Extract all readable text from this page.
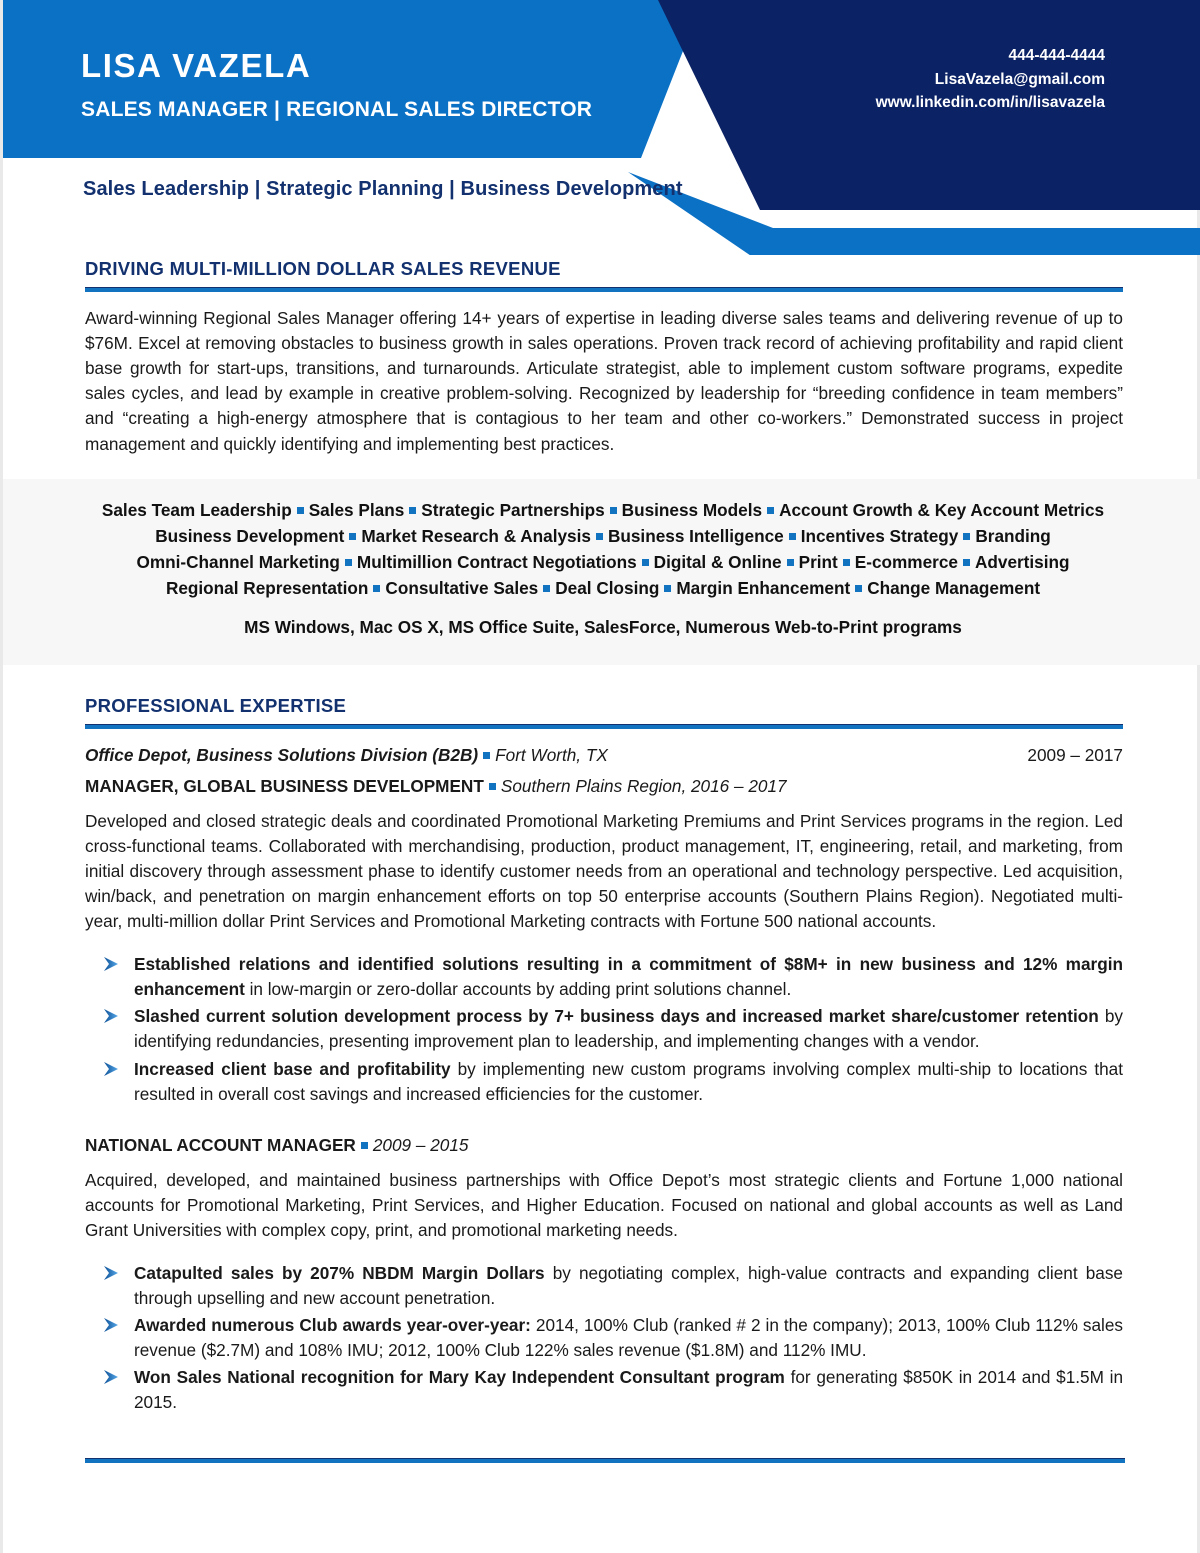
LISA VAZELA
SALES MANAGER | REGIONAL SALES DIRECTOR
444-444-4444
LisaVazela@gmail.com
www.linkedin.com/in/lisavazela
Sales Leadership | Strategic Planning | Business Development
DRIVING MULTI-MILLION DOLLAR SALES REVENUE

Award-winning Regional Sales Manager offering 14+ years of expertise in leading diverse sales teams and delivering revenue of up to $76M. Excel at removing obstacles to business growth in sales operations. Proven track record of achieving profitability and rapid client base growth for start-ups, transitions, and turnarounds. Articulate strategist, able to implement custom software programs, expedite sales cycles, and lead by example in creative problem-solving. Recognized by leadership for “breeding confidence in team members” and “creating a high-energy atmosphere that is contagious to her team and other co-workers.” Demonstrated success in project management and quickly identifying and implementing best practices.

Sales Team Leadership Sales Plans Strategic Partnerships Business Models Account Growth & Key Account Metrics
Business Development Market Research & Analysis Business Intelligence Incentives Strategy Branding
Omni-Channel Marketing Multimillion Contract Negotiations Digital & Online Print E-commerce Advertising
Regional Representation Consultative Sales Deal Closing Margin Enhancement Change Management
MS Windows, Mac OS X, MS Office Suite, SalesForce, Numerous Web-to-Print programs
PROFESSIONAL EXPERTISE
2009 – 2017
Office Depot, Business Solutions Division (B2B) Fort Worth, TX
MANAGER, GLOBAL BUSINESS DEVELOPMENT Southern Plains Region, 2016 – 2017

Developed and closed strategic deals and coordinated Promotional Marketing Premiums and Print Services programs in the region. Led cross-functional teams. Collaborated with merchandising, production, product management, IT, engineering, retail, and marketing, from initial discovery through assessment phase to identify customer needs from an operational and technology perspective. Led acquisition, win/back, and penetration on margin enhancement efforts on top 50 enterprise accounts (Southern Plains Region). Negotiated multi-year, multi-million dollar Print Services and Promotional Marketing contracts with Fortune 500 national accounts.

Established relations and identified solutions resulting in a commitment of $8M+ in new business and 12% margin enhancement in low-margin or zero-dollar accounts by adding print solutions channel.
Slashed current solution development process by 7+ business days and increased market share/customer retention by identifying redundancies, presenting improvement plan to leadership, and implementing changes with a vendor.
Increased client base and profitability by implementing new custom programs involving complex multi-ship to locations that resulted in overall cost savings and increased efficiencies for the customer.
NATIONAL ACCOUNT MANAGER 2009 – 2015

Acquired, developed, and maintained business partnerships with Office Depot’s most strategic clients and Fortune 1,000 national accounts for Promotional Marketing, Print Services, and Higher Education. Focused on national and global accounts as well as Land Grant Universities with complex copy, print, and promotional marketing needs.

Catapulted sales by 207% NBDM Margin Dollars by negotiating complex, high-value contracts and expanding client base through upselling and new account penetration.
Awarded numerous Club awards year-over-year: 2014, 100% Club (ranked # 2 in the company); 2013, 100% Club 112% sales revenue ($2.7M) and 108% IMU; 2012, 100% Club 122% sales revenue ($1.8M) and 112% IMU.
Won Sales National recognition for Mary Kay Independent Consultant program for generating $850K in 2014 and $1.5M in 2015.
